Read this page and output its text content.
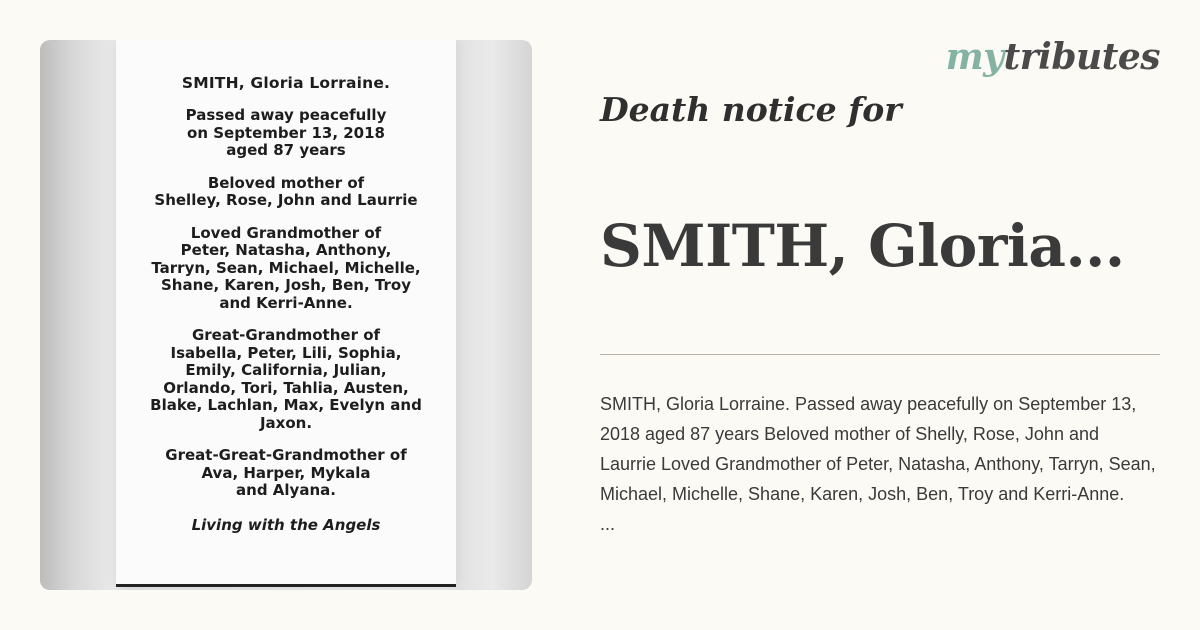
SMITH, Gloria Lorraine.
Passed away peacefully
on September 13, 2018
aged 87 years
Beloved mother of
Shelley, Rose, John and Laurrie
Loved Grandmother of
Peter, Natasha, Anthony,
Tarryn, Sean, Michael, Michelle,
Shane, Karen, Josh, Ben, Troy
and Kerri-Anne.
Great-Grandmother of
Isabella, Peter, Lili, Sophia,
Emily, California, Julian,
Orlando, Tori, Tahlia, Austen,
Blake, Lachlan, Max, Evelyn and
Jaxon.
Great-Great-Grandmother of
Ava, Harper, Mykala
and Alyana.
Living with the Angels
mytributes
Death notice for
SMITH, Gloria...

SMITH, Gloria Lorraine. Passed away peacefully on September 13, 2018 aged 87 years Beloved mother of Shelly, Rose, John and Laurrie Loved Grandmother of Peter, Natasha, Anthony, Tarryn, Sean, Michael, Michelle, Shane, Karen, Josh, Ben, Troy and Kerri-Anne.
...
